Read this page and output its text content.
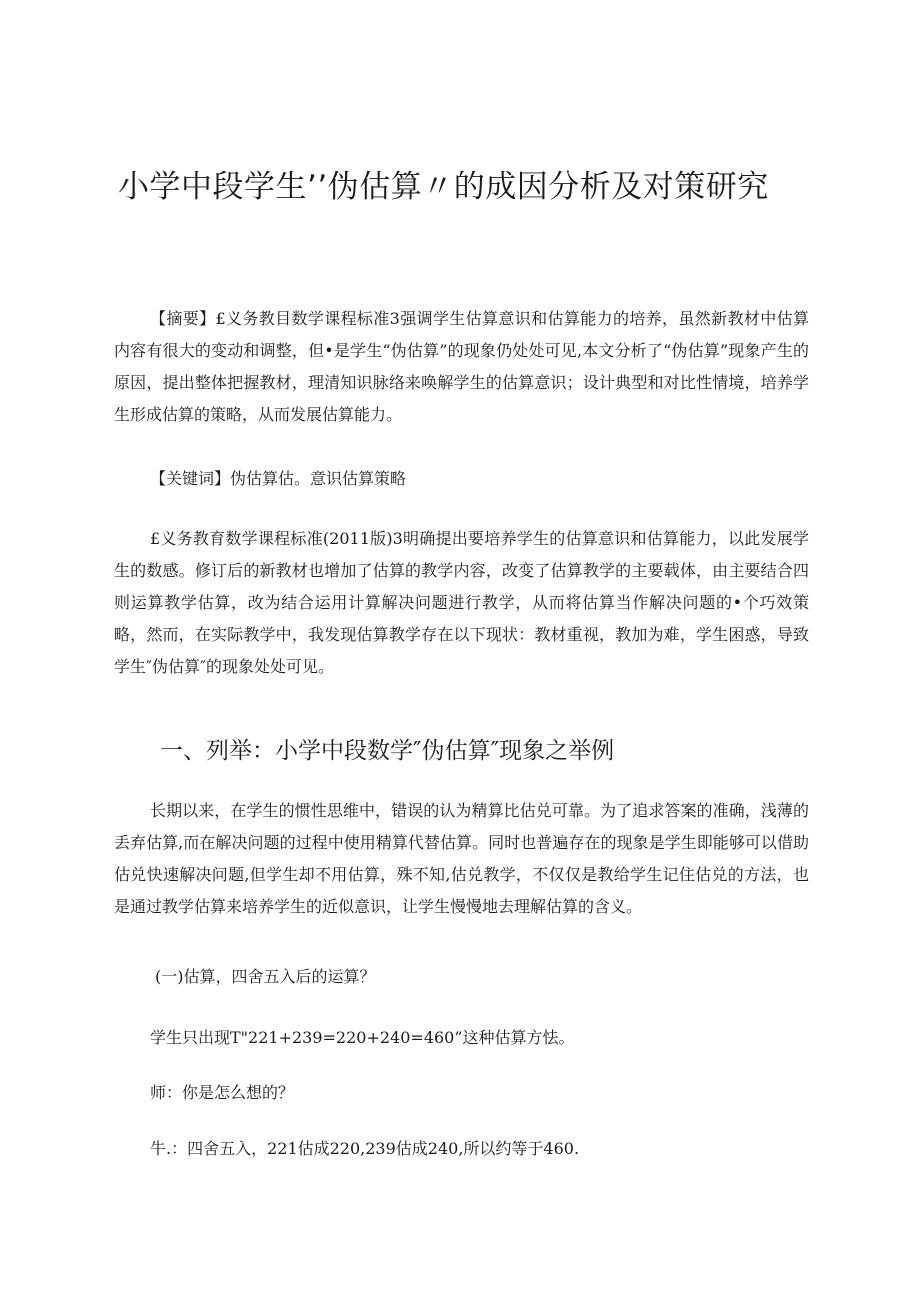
小学中段学生’’伪估算〃的成因分析及对策研究

【摘要】£义务教目数学课程标准3强调学生估算意识和估算能力的培养，虽然新教材中估算内容有很大的变动和调整，但•是学生“伪估算”的现象仍处处可见,本文分析了“伪估算”现象产生的原因，提出整体把握教材，理清知识脉络来唤解学生的估算意识；设计典型和对比性情境，培养学生形成估算的策略，从而发展估算能力。

【关键词】伪估算估。意识估算策略

£义务教育数学课程标准(2011版)3明确提出要培养学生的估算意识和估算能力，以此发展学生的数感。修订后的新教材也增加了估算的教学内容，改变了估算教学的主要载体，由主要结合四则运算教学估算，改为结合运用计算解决问题进行教学，从而将估算当作解决问题的•个巧效策略，然而，在实际教学中，我发现估算教学存在以下现状：教材重视，教加为难，学生困惑，导致学生″伪估算″的现象处处可见。

一、列举：小学中段数学″伪估算″现象之举例

长期以来，在学生的惯性思维中，错误的认为精算比估兑可靠。为了追求答案的准确，浅薄的丢弃估算,而在解决问题的过程中使用精算代替估算。同时也普遍存在的现象是学生即能够可以借助估兑快速解决问题,但学生却不用估算，殊不知,估兑教学，不仅仅是教给学生记住估兑的方法，也是通过教学估算来培养学生的近似意识，让学生慢慢地去理解估算的含义。

(一)估算，四舍五入后的运算？

学生只出现T"221+239=220+240=460”这种估算方怯。

师：你是怎么想的？

牛.：四舍五入，221估成220,239估成240,所以约等于460.
